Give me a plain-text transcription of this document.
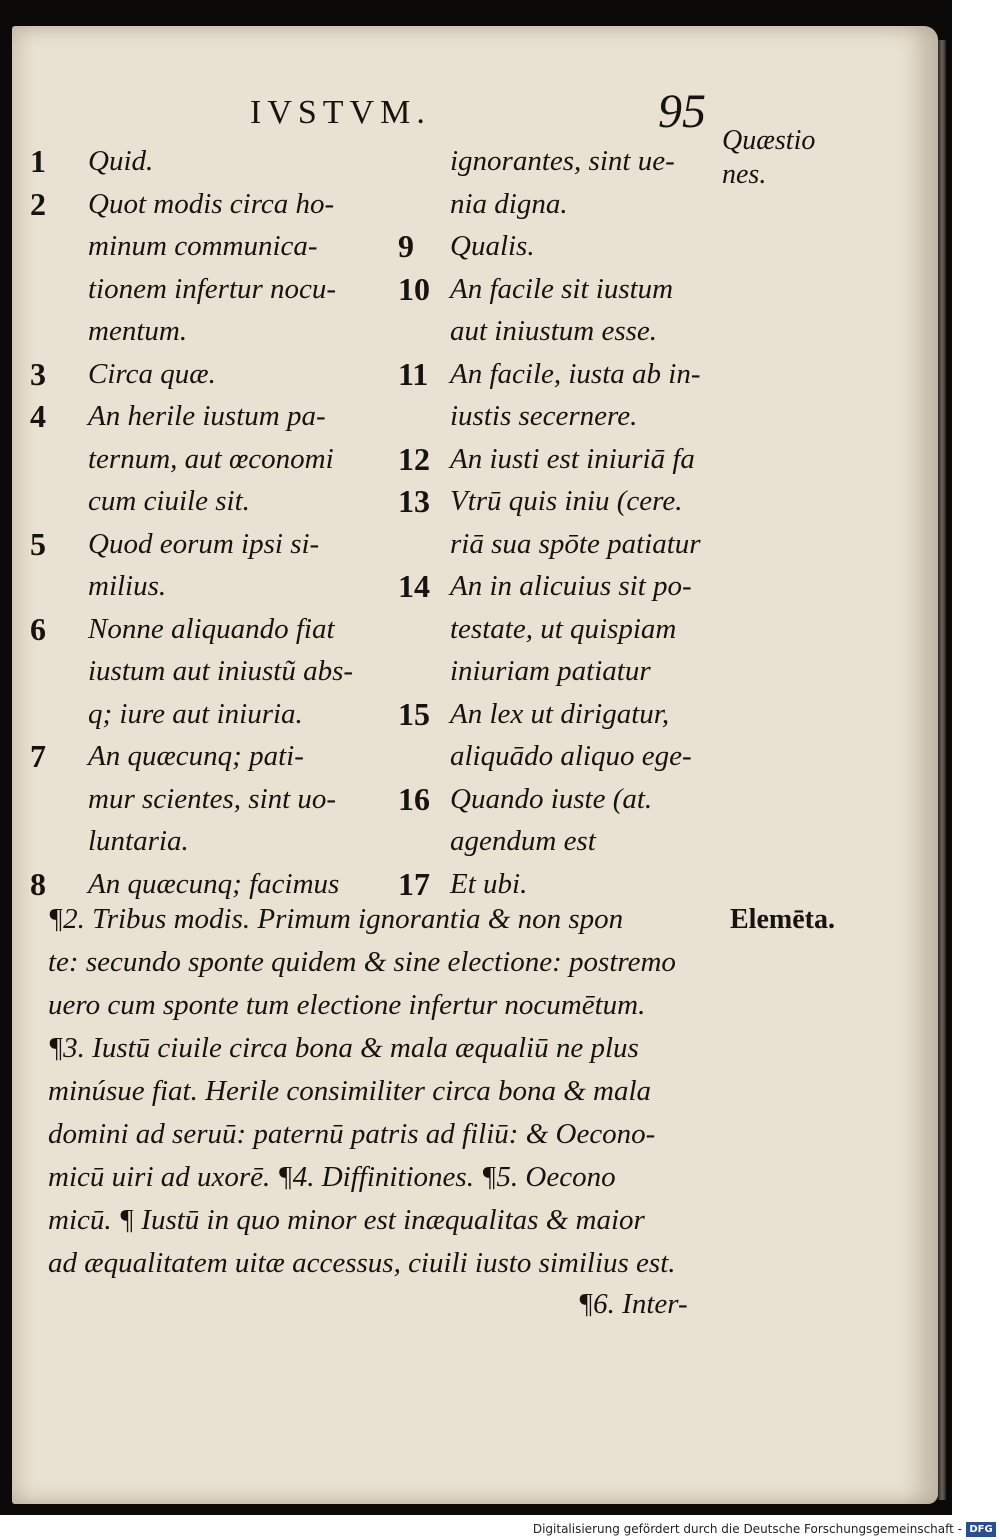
IVSTVM.	95
Quæstio
nes.
1	Quid.
2	Quot modis circa ho-
minum communica-
tionem infertur nocu-
mentum.
3	Circa quæ.
4	An herile iustum pa-
ternum, aut œconomi
cum ciuile sit.
5	Quod eorum ipsi si-
milius.
6	Nonne aliquando fiat
iustum aut iniustũ abs-
q; iure aut iniuria.
7	An quæcunq; pati-
mur scientes, sint uo-
luntaria.
8	An quæcunq; facimus
ignorantes, sint ue-
nia digna.
9	Qualis.
10 An facile sit iustum
aut iniustum esse.
11 An facile, iusta ab in-
iustis secernere.
12 An iusti est iniuriā fa
13 Vtrū quis iniu (cere.
riā sua spōte patiatur
14 An in alicuius sit po-
testate, ut quispiam
iniuriam patiatur
15 An lex ut dirigatur,
aliquādo aliquo ege-
16 Quando iuste (at.
agendum est
17 Et ubi.
¶2. Tribus modis. Primum ignorantia & non spon
te: secundo sponte quidem & sine electione: postremo
uero cum sponte tum electione infertur nocumētum.
¶3. Iustū ciuile circa bona & mala æqualiū ne plus
minúsue fiat. Herile consimiliter circa bona & mala
domini ad seruū: paternū patris ad filiū: & Oecono-
micū uiri ad uxorē. ¶4. Diffinitiones. ¶5. Oecono
micū. ¶ Iustū in quo minor est inæqualitas & maior
ad æqualitatem uitæ accessus, ciuili iusto similius est.
Elemēta.
¶6. Inter-
Digitalisierung gefördert durch die Deutsche Forschungsgemeinschaft - DFG
